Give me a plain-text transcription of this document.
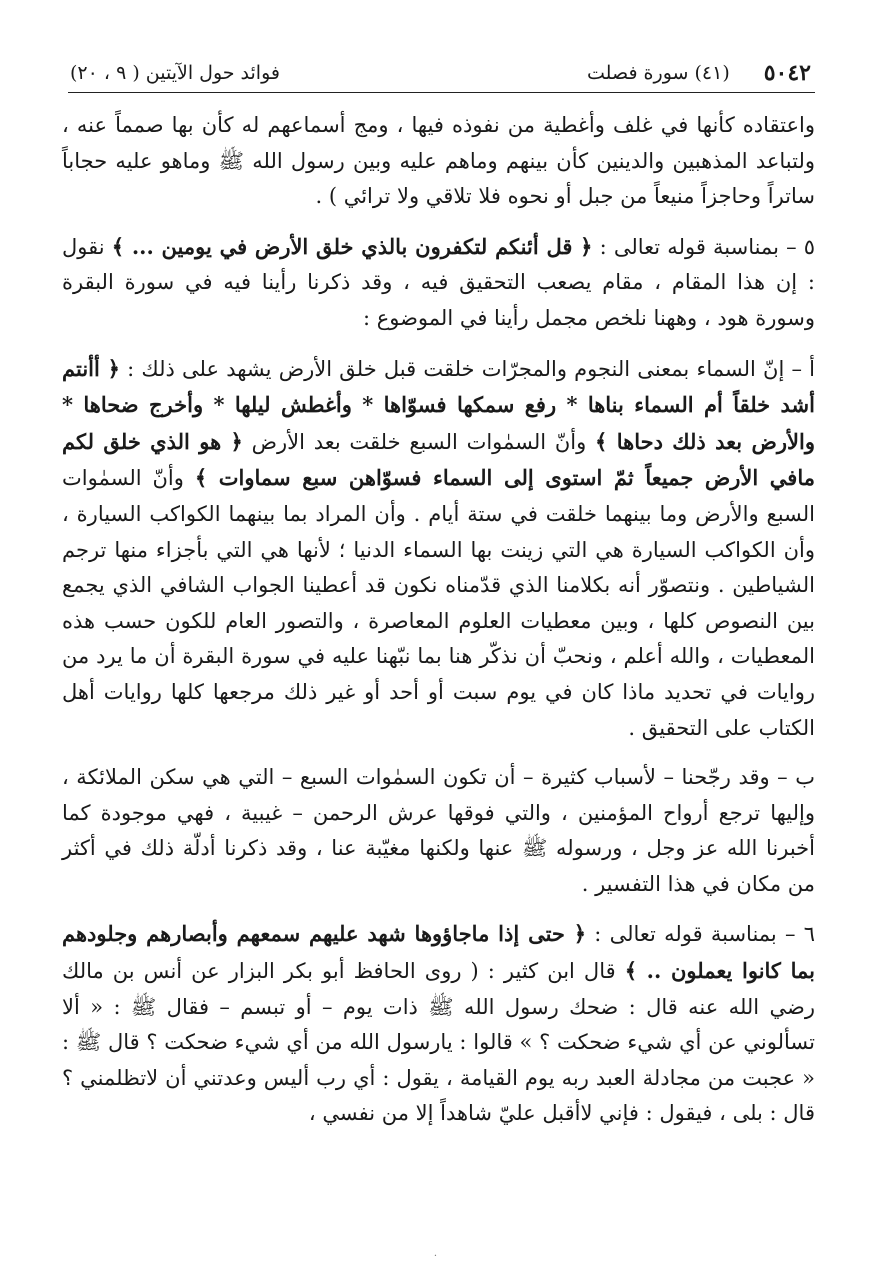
٥٠٤٢
(٤١) سورة فصلت
فوائد حول الآيتين ( ٩ ، ٢٠)

واعتقاده كأنها في غلف وأغطية من نفوذه فيها ، ومج أسماعهم له كأن بها صمماً عنه ، ولتباعد المذهبين والدينين كأن بينهم وماهم عليه وبين رسول الله ﷺ وماهو عليه حجاباً ساتراً وحاجزاً منيعاً من جبل أو نحوه فلا تلاقي ولا ترائي ) .

٥ – بمناسبة قوله تعالى : ﴿ قل أئنكم لتكفرون بالذي خلق الأرض في يومين ... ﴾ نقول : إن هذا المقام ، مقام يصعب التحقيق فيه ، وقد ذكرنا رأينا فيه في سورة البقرة وسورة هود ، وههنا نلخص مجمل رأينا في الموضوع :

أ – إنّ السماء بمعنى النجوم والمجرّات خلقت قبل خلق الأرض يشهد على ذلك : ﴿ أأنتم أشد خلقاً أم السماء بناها * رفع سمكها فسوّاها * وأغطش ليلها * وأخرج ضحاها * والأرض بعد ذلك دحاها ﴾ وأنّ السمٰوات السبع خلقت بعد الأرض ﴿ هو الذي خلق لكم مافي الأرض جميعاً ثمّ استوى إلى السماء فسوّاهن سبع سماوات ﴾ وأنّ السمٰوات السبع والأرض وما بينهما خلقت في ستة أيام . وأن المراد بما بينهما الكواكب السيارة ، وأن الكواكب السيارة هي التي زينت بها السماء الدنيا ؛ لأنها هي التي بأجزاء منها ترجم الشياطين . ونتصوّر أنه بكلامنا الذي قدّمناه نكون قد أعطينا الجواب الشافي الذي يجمع بين النصوص كلها ، وبين معطيات العلوم المعاصرة ، والتصور العام للكون حسب هذه المعطيات ، والله أعلم ، ونحبّ أن نذكّر هنا بما نبّهنا عليه في سورة البقرة أن ما يرد من روايات في تحديد ماذا كان في يوم سبت أو أحد أو غير ذلك مرجعها كلها روايات أهل الكتاب على التحقيق .

ب – وقد رجّحنا – لأسباب كثيرة – أن تكون السمٰوات السبع – التي هي سكن الملائكة ، وإليها ترجع أرواح المؤمنين ، والتي فوقها عرش الرحمن – غيبية ، فهي موجودة كما أخبرنا الله عز وجل ، ورسوله ﷺ عنها ولكنها مغيّبة عنا ، وقد ذكرنا أدلّة ذلك في أكثر من مكان في هذا التفسير .

٦ – بمناسبة قوله تعالى : ﴿ حتى إذا ماجاؤوها شهد عليهم سمعهم وأبصارهم وجلودهم بما كانوا يعملون .. ﴾ قال ابن كثير : ( روى الحافظ أبو بكر البزار عن أنس بن مالك رضي الله عنه قال : ضحك رسول الله ﷺ ذات يوم – أو تبسم – فقال ﷺ : « ألا تسألوني عن أي شيء ضحكت ؟ » قالوا : يارسول الله من أي شيء ضحكت ؟ قال ﷺ : « عجبت من مجادلة العبد ربه يوم القيامة ، يقول : أي رب أليس وعدتني أن لاتظلمني ؟ قال : بلى ، فيقول : فإني لاأقبل عليّ شاهداً إلا من نفسي ،

·
